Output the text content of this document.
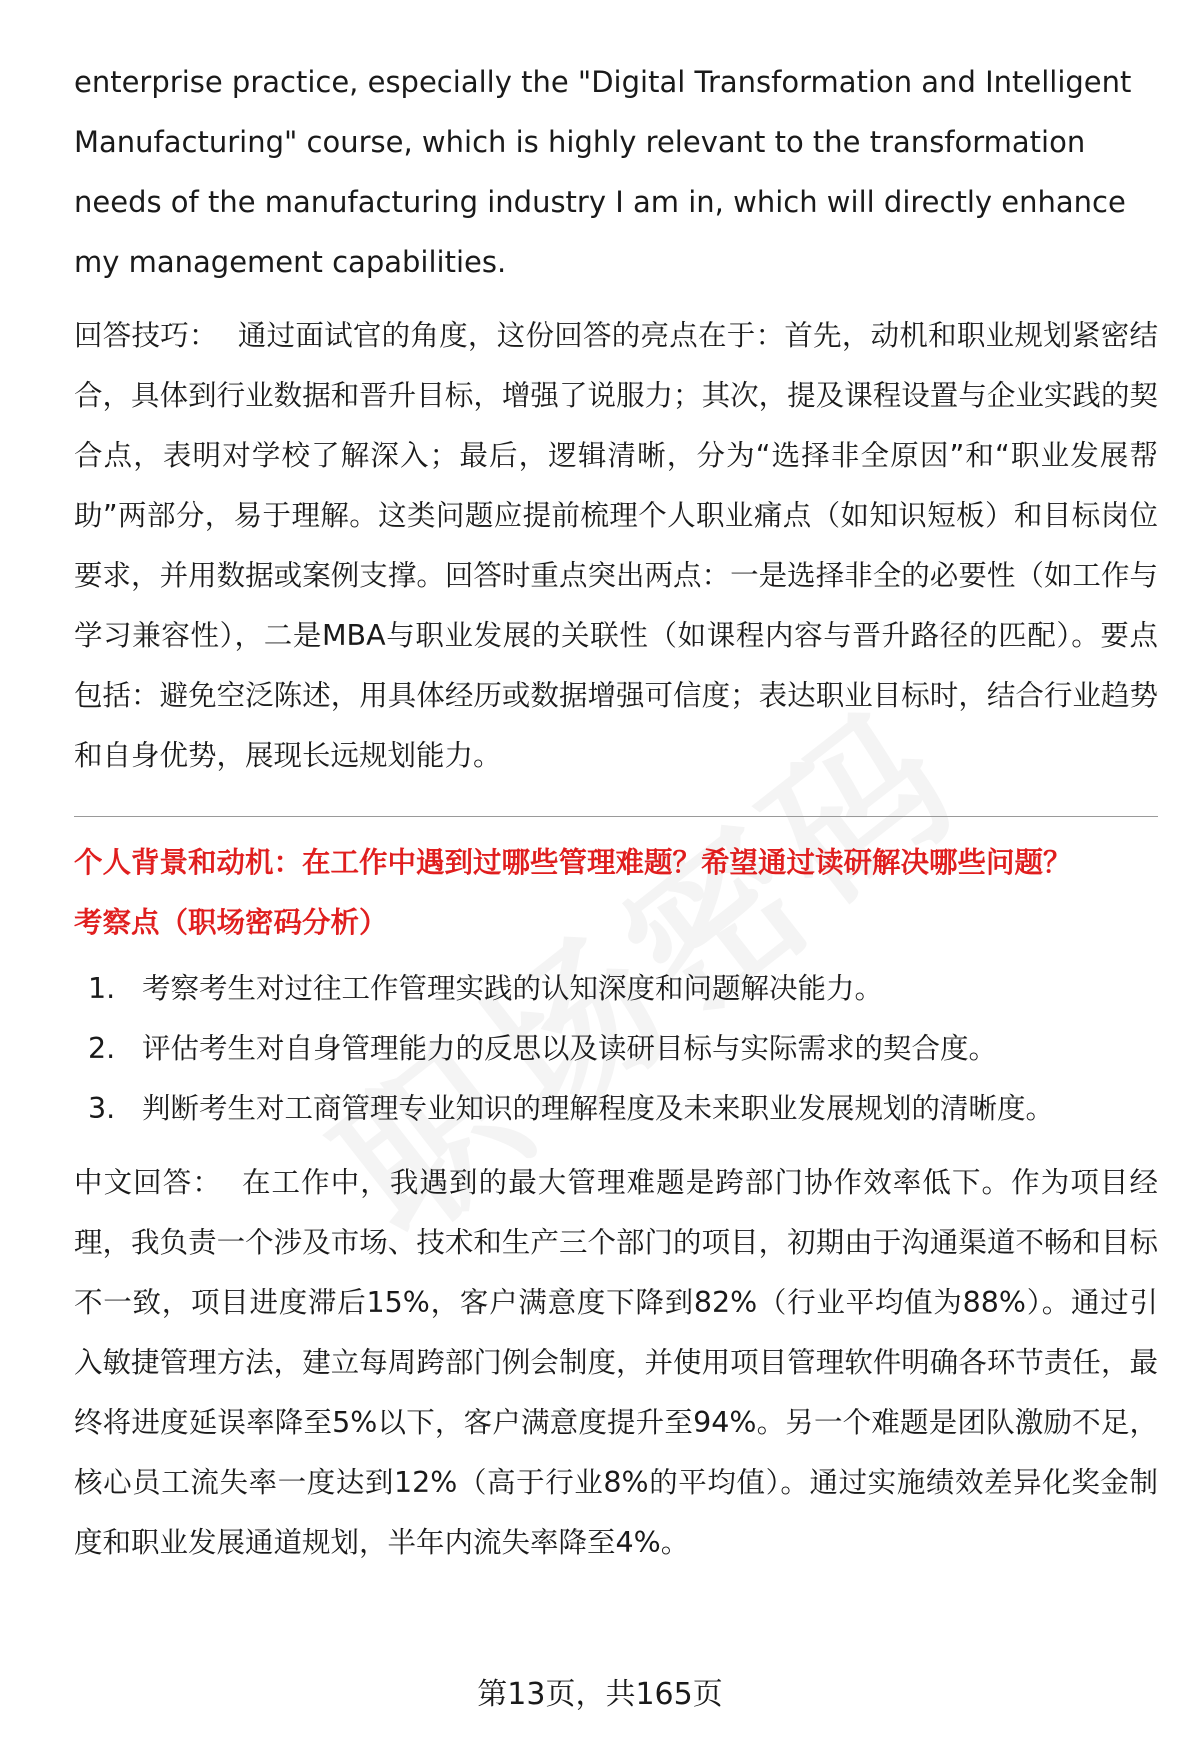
enterprise practice, especially the "Digital Transformation and Intelligent Manufacturing" course, which is highly relevant to the transformation needs of the manufacturing industry I am in, which will directly enhance my management capabilities.

回答技巧： 通过面试官的角度，这份回答的亮点在于：首先，动机和职业规划紧密结合，具体到行业数据和晋升目标，增强了说服力；其次，提及课程设置与企业实践的契合点，表明对学校了解深入；最后，逻辑清晰，分为“选择非全原因”和“职业发展帮助”两部分，易于理解。这类问题应提前梳理个人职业痛点（如知识短板）和目标岗位要求，并用数据或案例支撑。回答时重点突出两点：一是选择非全的必要性（如工作与学习兼容性），二是MBA与职业发展的关联性（如课程内容与晋升路径的匹配）。要点包括：避免空泛陈述，用具体经历或数据增强可信度；表达职业目标时，结合行业趋势和自身优势，展现长远规划能力。

个人背景和动机：在工作中遇到过哪些管理难题？希望通过读研解决哪些问题？

考察点（职场密码分析）

1. 考察考生对过往工作管理实践的认知深度和问题解决能力。
2. 评估考生对自身管理能力的反思以及读研目标与实际需求的契合度。
3. 判断考生对工商管理专业知识的理解程度及未来职业发展规划的清晰度。

中文回答： 在工作中，我遇到的最大管理难题是跨部门协作效率低下。作为项目经理，我负责一个涉及市场、技术和生产三个部门的项目，初期由于沟通渠道不畅和目标不一致，项目进度滞后15%，客户满意度下降到82%（行业平均值为88%）。通过引入敏捷管理方法，建立每周跨部门例会制度，并使用项目管理软件明确各环节责任，最终将进度延误率降至5%以下，客户满意度提升至94%。另一个难题是团队激励不足，核心员工流失率一度达到12%（高于行业8%的平均值）。通过实施绩效差异化奖金制度和职业发展通道规划，半年内流失率降至4%。

第13页，共165页
